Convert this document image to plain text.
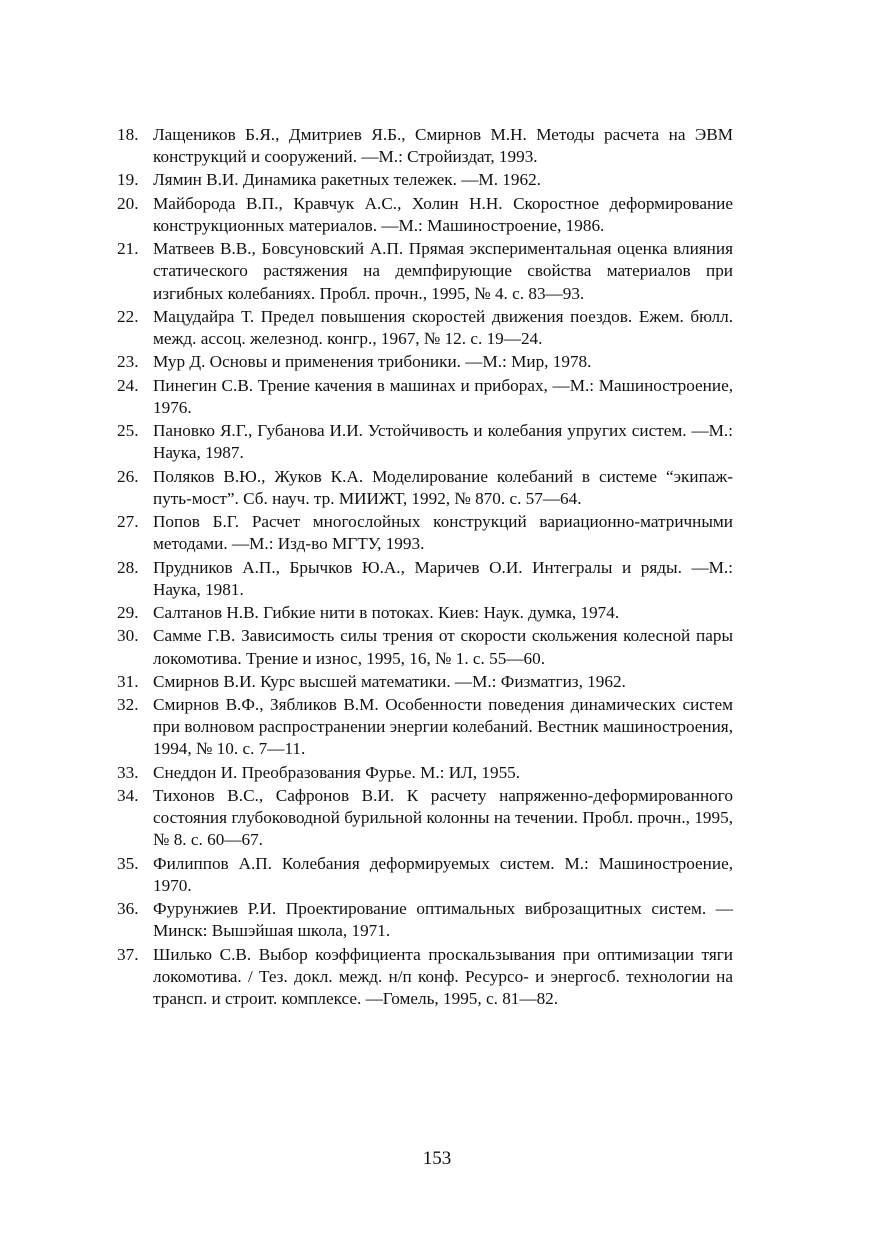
18. Лащеников Б.Я., Дмитриев Я.Б., Смирнов М.Н. Методы расчета на ЭВМ конструкций и сооружений. —М.: Стройиздат, 1993.
19. Лямин В.И. Динамика ракетных тележек. —М. 1962.
20. Майборода В.П., Кравчук А.С., Холин Н.Н. Скоростное деформирование конструкционных материалов. —М.: Машиностроение, 1986.
21. Матвеев В.В., Бовсуновский А.П. Прямая экспериментальная оценка влияния статического растяжения на демпфирующие свойства материалов при изгибных колебаниях. Пробл. прочн., 1995, № 4. с. 83—93.
22. Мацудайра Т. Предел повышения скоростей движения поездов. Ежем. бюлл. межд. ассоц. железнод. конгр., 1967, № 12. с. 19—24.
23. Мур Д. Основы и применения трибоники. —М.: Мир, 1978.
24. Пинегин С.В. Трение качения в машинах и приборах, —М.: Машиностроение, 1976.
25. Пановко Я.Г., Губанова И.И. Устойчивость и колебания упругих систем. —М.: Наука, 1987.
26. Поляков В.Ю., Жуков К.А. Моделирование колебаний в системе “экипаж-путь-мост”. Сб. науч. тр. МИИЖТ, 1992, № 870. с. 57—64.
27. Попов Б.Г. Расчет многослойных конструкций вариационно-матричными методами. —М.: Изд-во МГТУ, 1993.
28. Прудников А.П., Брычков Ю.А., Маричев О.И. Интегралы и ряды. —М.: Наука, 1981.
29. Салтанов Н.В. Гибкие нити в потоках. Киев: Наук. думка, 1974.
30. Самме Г.В. Зависимость силы трения от скорости скольжения колесной пары локомотива. Трение и износ, 1995, 16, № 1. с. 55—60.
31. Смирнов В.И. Курс высшей математики. —М.: Физматгиз, 1962.
32. Смирнов В.Ф., Зябликов В.М. Особенности поведения динамических систем при волновом распространении энергии колебаний. Вестник машиностроения, 1994, № 10. с. 7—11.
33. Снеддон И. Преобразования Фурье. М.: ИЛ, 1955.
34. Тихонов В.С., Сафронов В.И. К расчету напряженно-деформированного состояния глубоководной бурильной колонны на течении. Пробл. прочн., 1995, № 8. с. 60—67.
35. Филиппов А.П. Колебания деформируемых систем. М.: Машиностроение, 1970.
36. Фурунжиев Р.И. Проектирование оптимальных виброзащитных систем. —Минск: Вышэйшая школа, 1971.
37. Шилько С.В. Выбор коэффициента проскальзывания при оптимизации тяги локомотива. / Тез. докл. межд. н/п конф. Ресурсо- и энергосб. технологии на трансп. и строит. комплексе. —Гомель, 1995, с. 81—82.
153
